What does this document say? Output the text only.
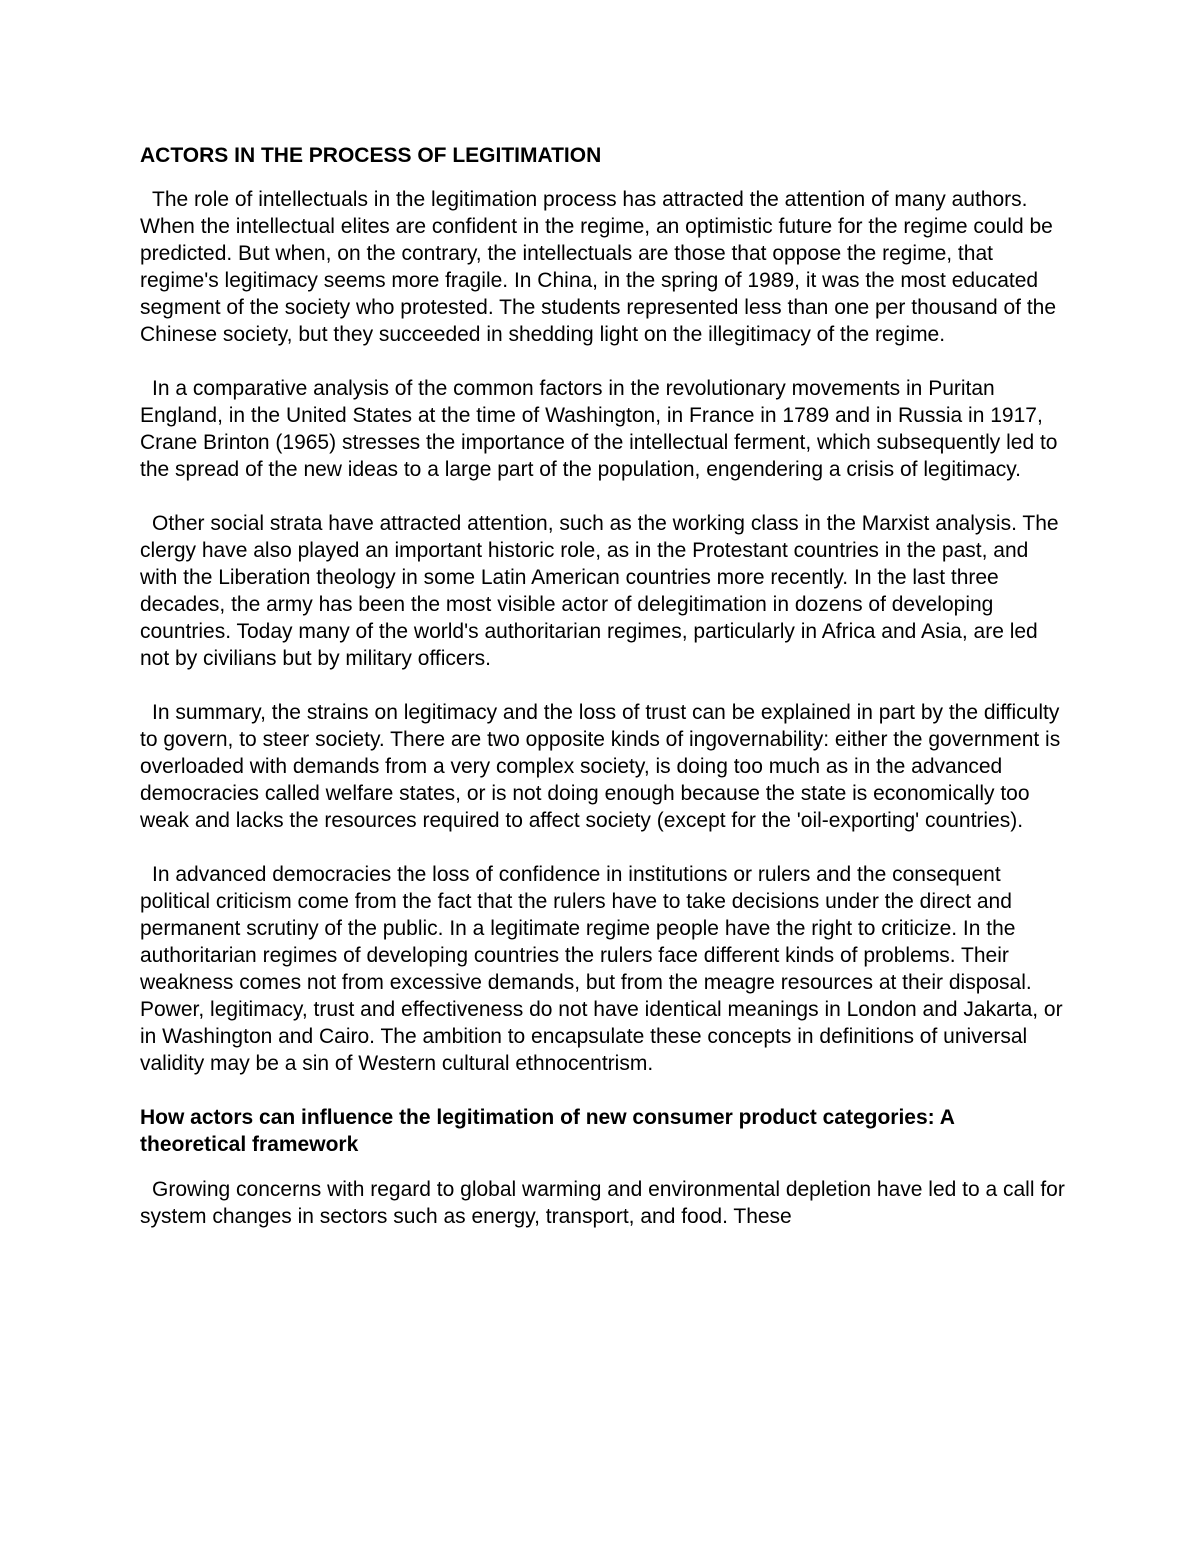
ACTORS IN THE PROCESS OF LEGITIMATION

The role of intellectuals in the legitimation process has attracted the attention of many authors. When the intellectual elites are confident in the regime, an optimistic future for the regime could be predicted. But when, on the contrary, the intellectuals are those that oppose the regime, that regime's legitimacy seems more fragile. In China, in the spring of 1989, it was the most educated segment of the society who protested. The students represented less than one per thousand of the Chinese society, but they succeeded in shedding light on the illegitimacy of the regime.

In a comparative analysis of the common factors in the revolutionary movements in Puritan England, in the United States at the time of Washington, in France in 1789 and in Russia in 1917, Crane Brinton (1965) stresses the importance of the intellectual ferment, which subsequently led to the spread of the new ideas to a large part of the population, engendering a crisis of legitimacy.

Other social strata have attracted attention, such as the working class in the Marxist analysis. The clergy have also played an important historic role, as in the Protestant countries in the past, and with the Liberation theology in some Latin American countries more recently. In the last three decades, the army has been the most visible actor of delegitimation in dozens of developing countries. Today many of the world's authoritarian regimes, particularly in Africa and Asia, are led not by civilians but by military officers.

In summary, the strains on legitimacy and the loss of trust can be explained in part by the difficulty to govern, to steer society. There are two opposite kinds of ingovernability: either the government is overloaded with demands from a very complex society, is doing too much as in the advanced democracies called welfare states, or is not doing enough because the state is economically too weak and lacks the resources required to affect society (except for the 'oil-exporting' countries).

In advanced democracies the loss of confidence in institutions or rulers and the consequent political criticism come from the fact that the rulers have to take decisions under the direct and permanent scrutiny of the public. In a legitimate regime people have the right to criticize. In the authoritarian regimes of developing countries the rulers face different kinds of problems. Their weakness comes not from excessive demands, but from the meagre resources at their disposal. Power, legitimacy, trust and effectiveness do not have identical meanings in London and Jakarta, or in Washington and Cairo. The ambition to encapsulate these concepts in definitions of universal validity may be a sin of Western cultural ethnocentrism.

How actors can influence the legitimation of new consumer product categories: A theoretical framework

Growing concerns with regard to global warming and environmental depletion have led to a call for system changes in sectors such as energy, transport, and food. These
